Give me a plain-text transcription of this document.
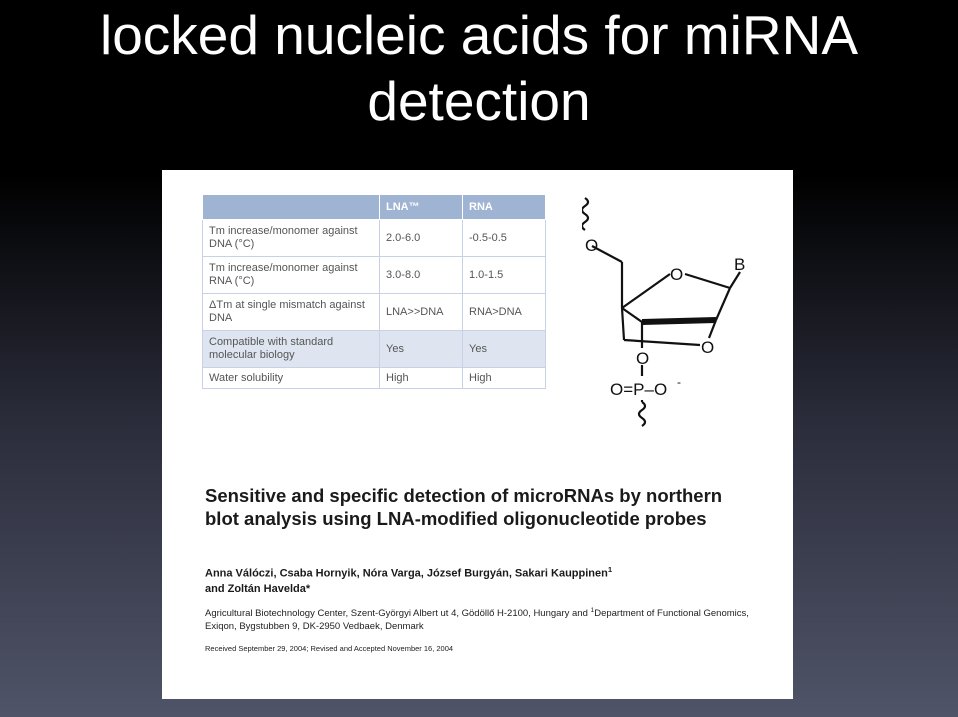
locked nucleic acids for miRNA
detection
	LNA™	RNA
Tm increase/monomer against DNA (°C)	2.0-6.0	-0.5-0.5
Tm increase/monomer against RNA (°C)	3.0-8.0	1.0-1.5
ΔTm at single mismatch against DNA	LNA>>DNA	RNA>DNA
Compatible with standard molecular biology	Yes	Yes
Water solubility	High	High
O
O
B
O
O
O=P–O -
Sensitive and specific detection of microRNAs by northern blot analysis using LNA-modified oligonucleotide probes
Anna Válóczi, Csaba Hornyik, Nóra Varga, József Burgyán, Sakari Kauppinen$^1$
and Zoltán Havelda*
Agricultural Biotechnology Center, Szent-Györgyi Albert ut 4, Gödöllő H-2100, Hungary and $^1$Department of Functional Genomics, Exiqon, Bygstubben 9, DK-2950 Vedbaek, Denmark
Received September 29, 2004; Revised and Accepted November 16, 2004
